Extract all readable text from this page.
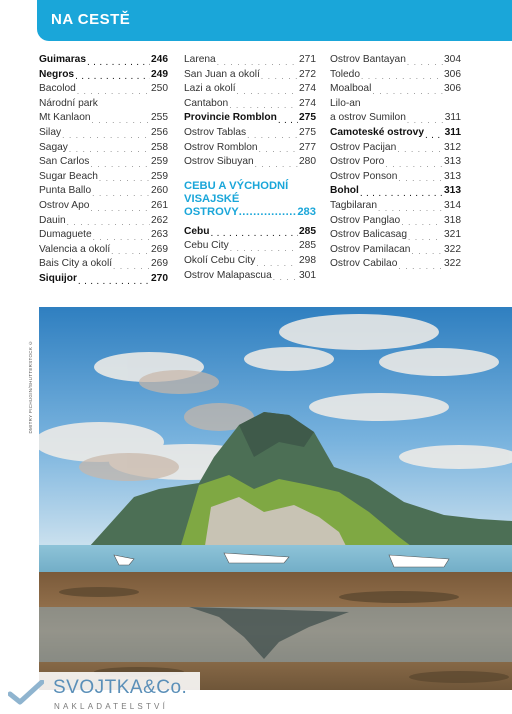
NA CESTĚ
Guimaras . . .	246
Negros . . .	249
Bacolod . . .	250
Národní park
Mt Kanlaon . . .	255
Silay . . .	256
Sagay . . .	258
San Carlos . . .	259
Sugar Beach . . .	259
Punta Ballo . . .	260
Ostrov Apo . . .	261
Dauin . . .	262
Dumaguete . . .	263
Valencia a okolí . . .	269
Bais City a okolí . . .	269
Siquijor . . .	270
Larena . . .	271
San Juan a okolí . . .	272
Lazi a okolí . . .	274
Cantabon . . .	274
Provincie Romblon . . . 275
Ostrov Tablas . . .	275
Ostrov Romblon . . .	277
Ostrov Sibuyan . . .	280
CEBU A VÝCHODNÍ
VISAJSKÉ
OSTROVY .....	283
Cebu . . .	285
Cebu City . . .	285
Okolí Cebu City . . .	298
Ostrov Malapascua . . .	301
Ostrov Bantayan . . .	304
Toledo . . .	306
Moalboal . . .	306
Lilo-an
a ostrov Sumilon . . .	311
Camoteské ostrovy . . . 311
Ostrov Pacijan . . .	312
Ostrov Poro . . .	313
Ostrov Ponson . . .	313
Bohol . . .	313
Tagbilaran . . .	314
Ostrov Panglao . . .	318
Ostrov Balicasag . . .	321
Ostrov Pamilacan . . .	322
Ostrov Cabilao . . .	322
DMITRY PICHUGIN/SHUTTERSTOCK ©
SVOJTKA&Co.
NAKLADATELSTVÍ
